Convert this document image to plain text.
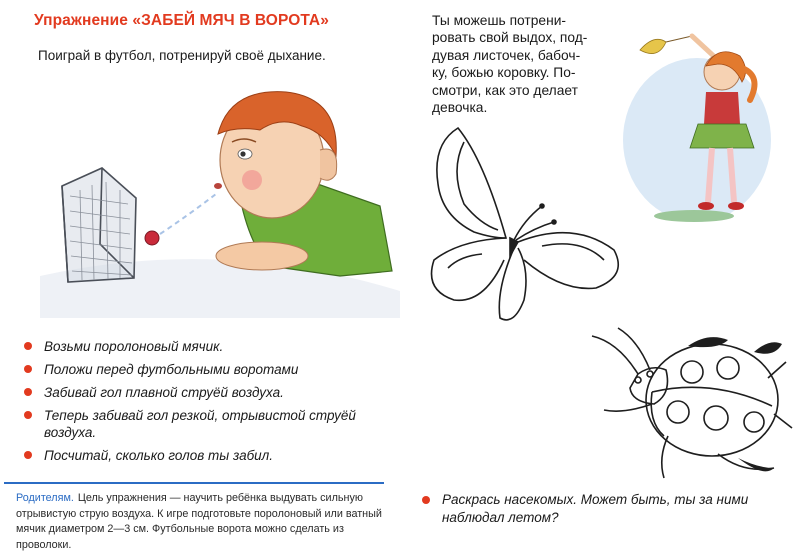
Упражнение «ЗАБЕЙ МЯЧ В ВОРОТА»
Поиграй в футбол, потренируй своё дыхание.
Возьми поролоновый мячик.
Положи перед футбольными воротами
Забивай гол плавной струёй воздуха.
Теперь забивай гол резкой, отрывистой струёй воздуха.
Посчитай, сколько голов ты забил.
Родителям. Цель упражнения — научить ребёнка выдувать сильную отрывистую струю воздуха. К игре подготовьте поролоновый или ватный мячик диаметром 2—3 см. Футбольные ворота можно сделать из проволоки.
Ты можешь потрени-
ровать свой выдох, под-
дувая листочек, бабоч-
ку, божью коровку. По-
смотри, как это делает
девочка.
Раскрась насекомых. Может быть, ты за ними наблюдал летом?
